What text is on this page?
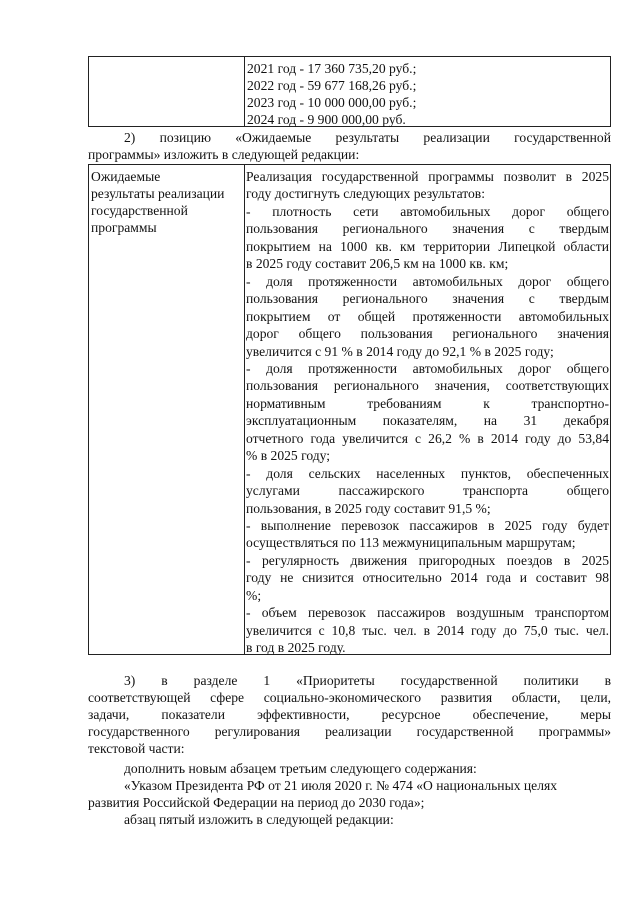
2021 год - 17 360 735,20 руб.;
2022 год - 59 677 168,26 руб.;
2023 год - 10 000 000,00 руб.;
2024 год - 9 900 000,00 руб.
2) позицию «Ожидаемые результаты реализации государственной
программы» изложить в следующей редакции:
Ожидаемые
результаты реализации
государственной
программы
Реализация государственной программы позволит в 2025
году достигнуть следующих результатов:
- плотность сети автомобильных дорог общего
пользования регионального значения с твердым
покрытием на 1000 кв. км территории Липецкой области
в 2025 году составит 206,5 км на 1000 кв. км;
- доля протяженности автомобильных дорог общего
пользования регионального значения с твердым
покрытием от общей протяженности автомобильных
дорог общего пользования регионального значения
увеличится с 91 % в 2014 году до 92,1 % в 2025 году;
- доля протяженности автомобильных дорог общего
пользования регионального значения, соответствующих
нормативным требованиям к транспортно-
эксплуатационным показателям, на 31 декабря
отчетного года увеличится с 26,2 % в 2014 году до 53,84
% в 2025 году;
- доля сельских населенных пунктов, обеспеченных
услугами пассажирского транспорта общего
пользования, в 2025 году составит 91,5 %;
- выполнение перевозок пассажиров в 2025 году будет
осуществляться по 113 межмуниципальным маршрутам;
- регулярность движения пригородных поездов в 2025
году не снизится относительно 2014 года и составит 98
%;
- объем перевозок пассажиров воздушным транспортом
увеличится с 10,8 тыс. чел. в 2014 году до 75,0 тыс. чел.
в год в 2025 году.
3) в разделе 1 «Приоритеты государственной политики в
соответствующей сфере социально-экономического развития области, цели,
задачи, показатели эффективности, ресурсное обеспечение, меры
государственного регулирования реализации государственной программы»
текстовой части:
дополнить новым абзацем третьим следующего содержания:
«Указом Президента РФ от 21 июля 2020 г. № 474 «О национальных целях
развития Российской Федерации на период до 2030 года»;
абзац пятый изложить в следующей редакции:
